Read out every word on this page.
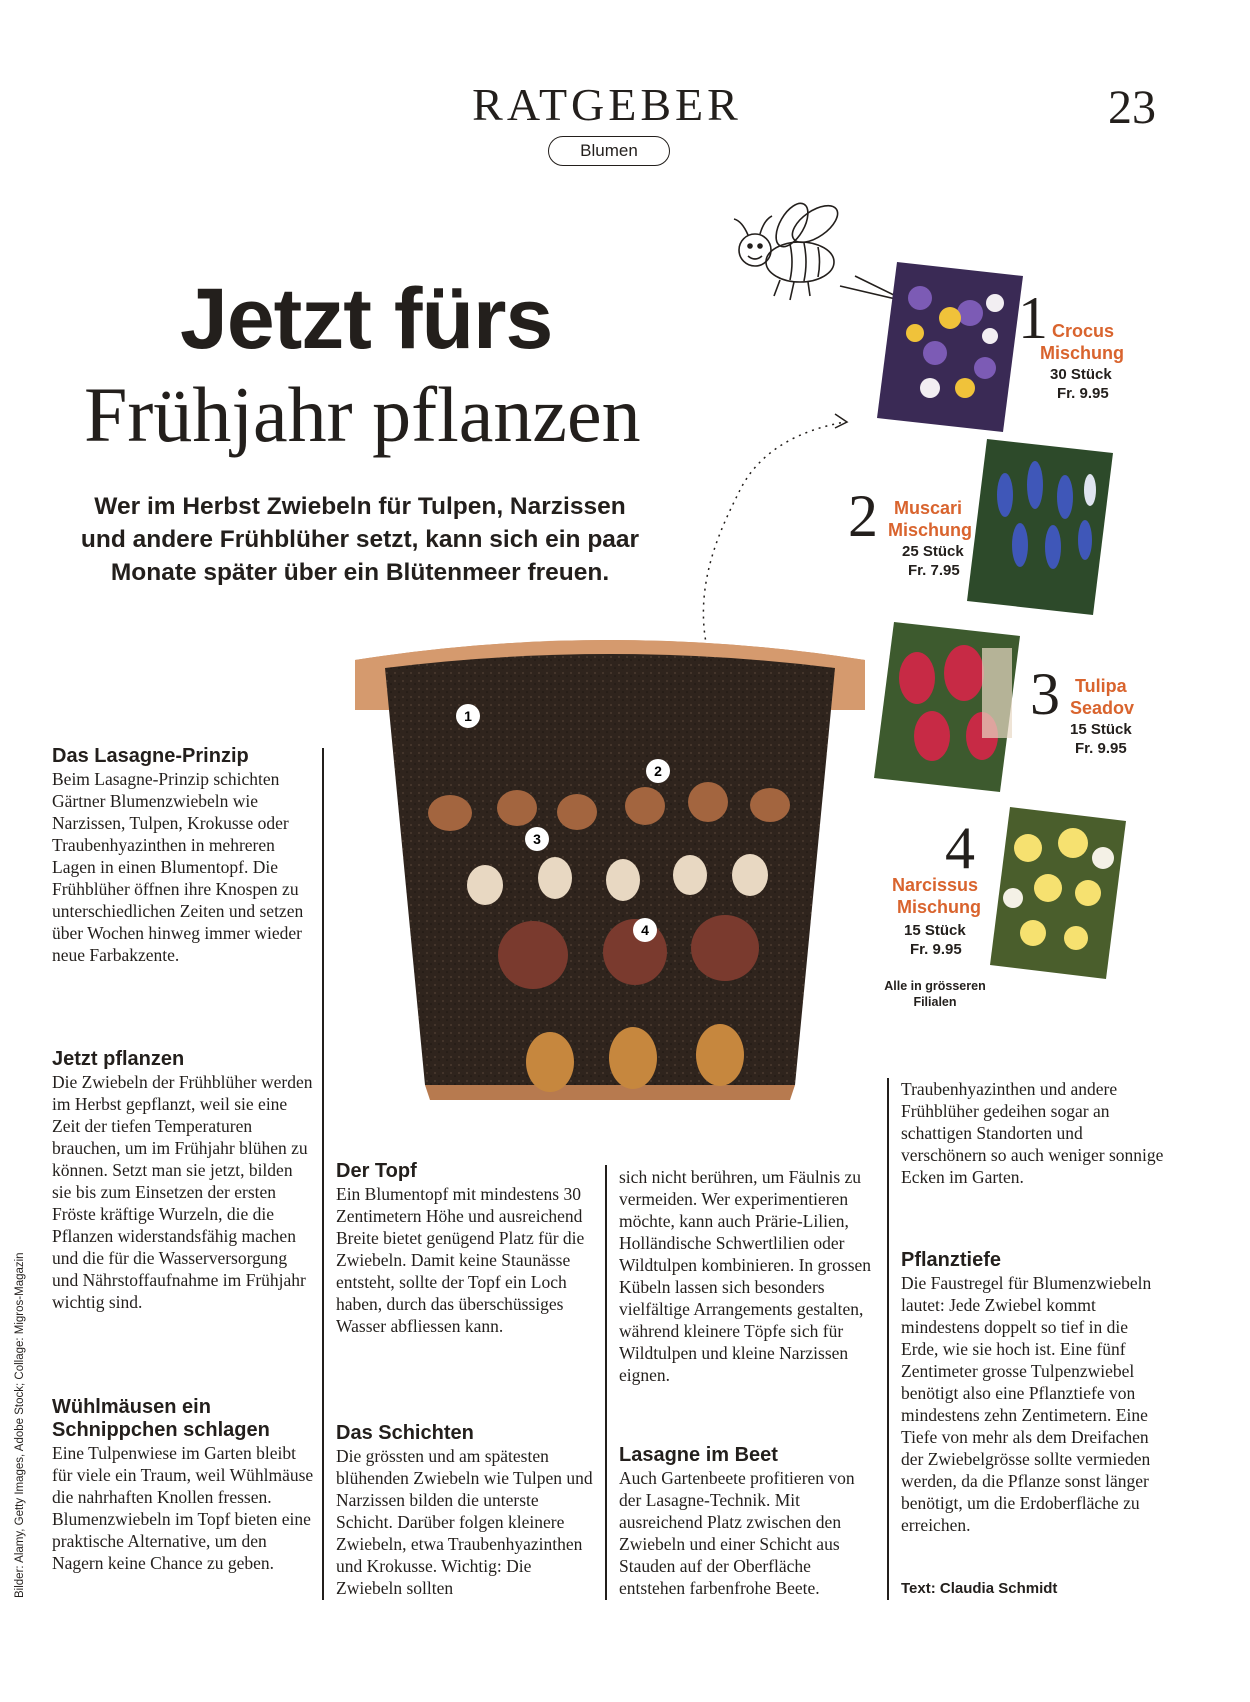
RATGEBER
Blumen
23
Jetzt fürs
Frühjahr pflanzen
Wer im Herbst Zwiebeln für Tulpen, Narzissen und andere Frühblüher setzt, kann sich ein paar Monate später über ein Blütenmeer freuen.
1
2
3
4
1 Crocus
Mischung
30 Stück
Fr. 9.95
2 Muscari
Mischung
25 Stück
Fr. 7.95
3 Tulipa
Seadov
15 Stück
Fr. 9.95
4
Narcissus
Mischung
15 Stück
Fr. 9.95
Alle in grösseren
Filialen
Das Lasagne-Prinzip

Beim Lasagne-Prinzip schichten Gärtner Blumenzwiebeln wie Narzissen, Tulpen, Krokusse oder Traubenhyazinthen in mehreren Lagen in einen Blumentopf. Die Frühblüher öffnen ihre Knospen zu unterschiedlichen Zeiten und setzen über Wochen hinweg immer wieder neue Farbakzente.

Jetzt pflanzen

Die Zwiebeln der Frühblüher werden im Herbst gepflanzt, weil sie eine Zeit der tiefen Temperaturen brauchen, um im Frühjahr blühen zu können. Setzt man sie jetzt, bilden sie bis zum Einsetzen der ersten Fröste kräftige Wurzeln, die die Pflanzen widerstandsfähig machen und die für die Wasserversorgung und Nährstoffaufnahme im Frühjahr wichtig sind.

Wühlmäusen ein
Schnippchen schlagen

Eine Tulpenwiese im Garten bleibt für viele ein Traum, weil Wühlmäuse die nahrhaften Knollen fressen. Blumenzwiebeln im Topf bieten eine praktische Alternative, um den Nagern keine Chance zu geben.

Der Topf

Ein Blumentopf mit mindestens 30 Zentimetern Höhe und ausreichend Breite bietet genügend Platz für die Zwiebeln. Damit keine Staunässe entsteht, sollte der Topf ein Loch haben, durch das überschüssiges Wasser abfliessen kann.

Das Schichten

Die grössten und am spätesten blühenden Zwiebeln wie Tulpen und Narzissen bilden die unterste Schicht. Darüber folgen kleinere Zwiebeln, etwa Traubenhyazinthen und Krokusse. Wichtig: Die Zwiebeln sollten

sich nicht berühren, um Fäulnis zu vermeiden. Wer experimentieren möchte, kann auch Prärie-Lilien, Holländische Schwertlilien oder Wildtulpen kombinieren. In grossen Kübeln lassen sich besonders vielfältige Arrangements gestalten, während kleinere Töpfe sich für Wildtulpen und kleine Narzissen eignen.

Lasagne im Beet

Auch Gartenbeete profitieren von der Lasagne-Technik. Mit ausreichend Platz zwischen den Zwiebeln und einer Schicht aus Stauden auf der Oberfläche entstehen farbenfrohe Beete.

Traubenhyazinthen und andere Frühblüher gedeihen sogar an schattigen Standorten und verschönern so auch weniger sonnige Ecken im Garten.

Pflanztiefe

Die Faustregel für Blumenzwiebeln lautet: Jede Zwiebel kommt mindestens doppelt so tief in die Erde, wie sie hoch ist. Eine fünf Zentimeter grosse Tulpenzwiebel benötigt also eine Pflanztiefe von mindestens zehn Zentimetern. Eine Tiefe von mehr als dem Dreifachen der Zwiebelgrösse sollte vermieden werden, da die Pflanze sonst länger benötigt, um die Erdoberfläche zu erreichen.

Text: Claudia Schmidt
Bilder: Alamy, Getty Images, Adobe Stock; Collage: Migros-Magazin
